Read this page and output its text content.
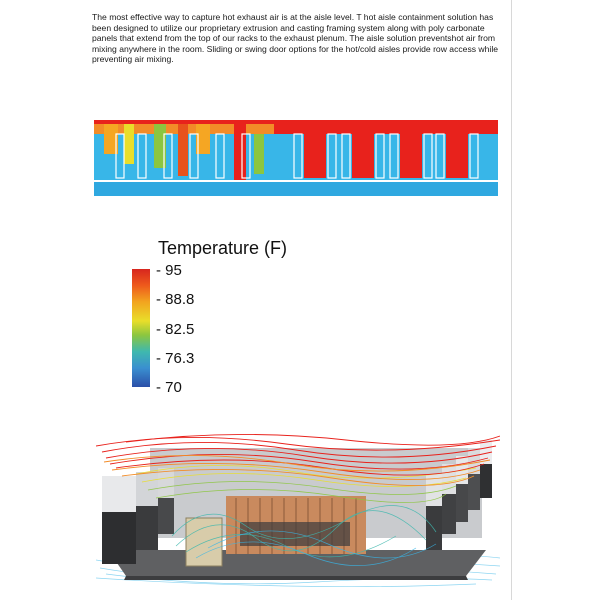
The most effective way to capture hot exhaust air is at the aisle level. T hot aisle containment solution has been designed to utilize our proprietary extrusion and casting framing system along with poly carbonate panels that extend from the top of our racks to the exhaust plenum. The aisle solution preventshot air from mixing anywhere in the room. Sliding or swing door options for the hot/cold aisles provide row access while preventing air mixing.

Temperature (F)
- 95
- 88.8
- 82.5
- 76.3
- 70
